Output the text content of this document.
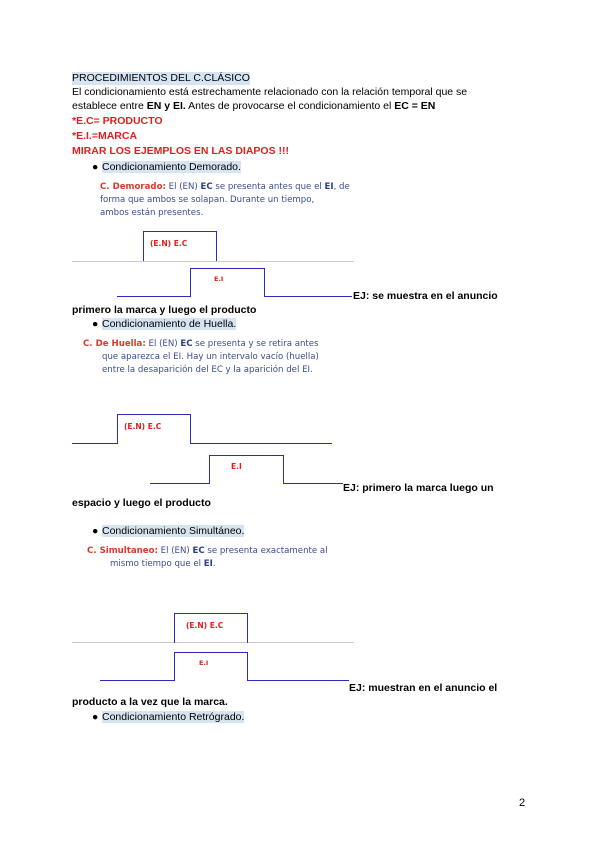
PROCEDIMIENTOS DEL C.CLÁSICO
El condicionamiento está estrechamente relacionado con la relación temporal que se
establece entre EN y EI. Antes de provocarse el condicionamiento el EC = EN
*E.C= PRODUCTO
*E.I.=MARCA
MIRAR LOS EJEMPLOS EN LAS DIAPOS !!!
● Condicionamiento Demorado.
C. Demorado: El (EN) EC se presenta antes que el EI, de
forma que ambos se solapan. Durante un tiempo,
ambos están presentes.
(E.N) E.C
E.I
EJ: se muestra en el anuncio
primero la marca y luego el producto
● Condicionamiento de Huella.
C. De Huella: El (EN) EC se presenta y se retira antes
que aparezca el EI. Hay un intervalo vacío (huella)
entre la desaparición del EC y la aparición del EI.
(E.N) E.C
E.I
EJ: primero la marca luego un
espacio y luego el producto
● Condicionamiento Simultáneo.
C. Simultaneo: El (EN) EC se presenta exactamente al
mismo tiempo que el EI.
(E.N) E.C
E.I
EJ: muestran en el anuncio el
producto a la vez que la marca.
● Condicionamiento Retrógrado.
2
